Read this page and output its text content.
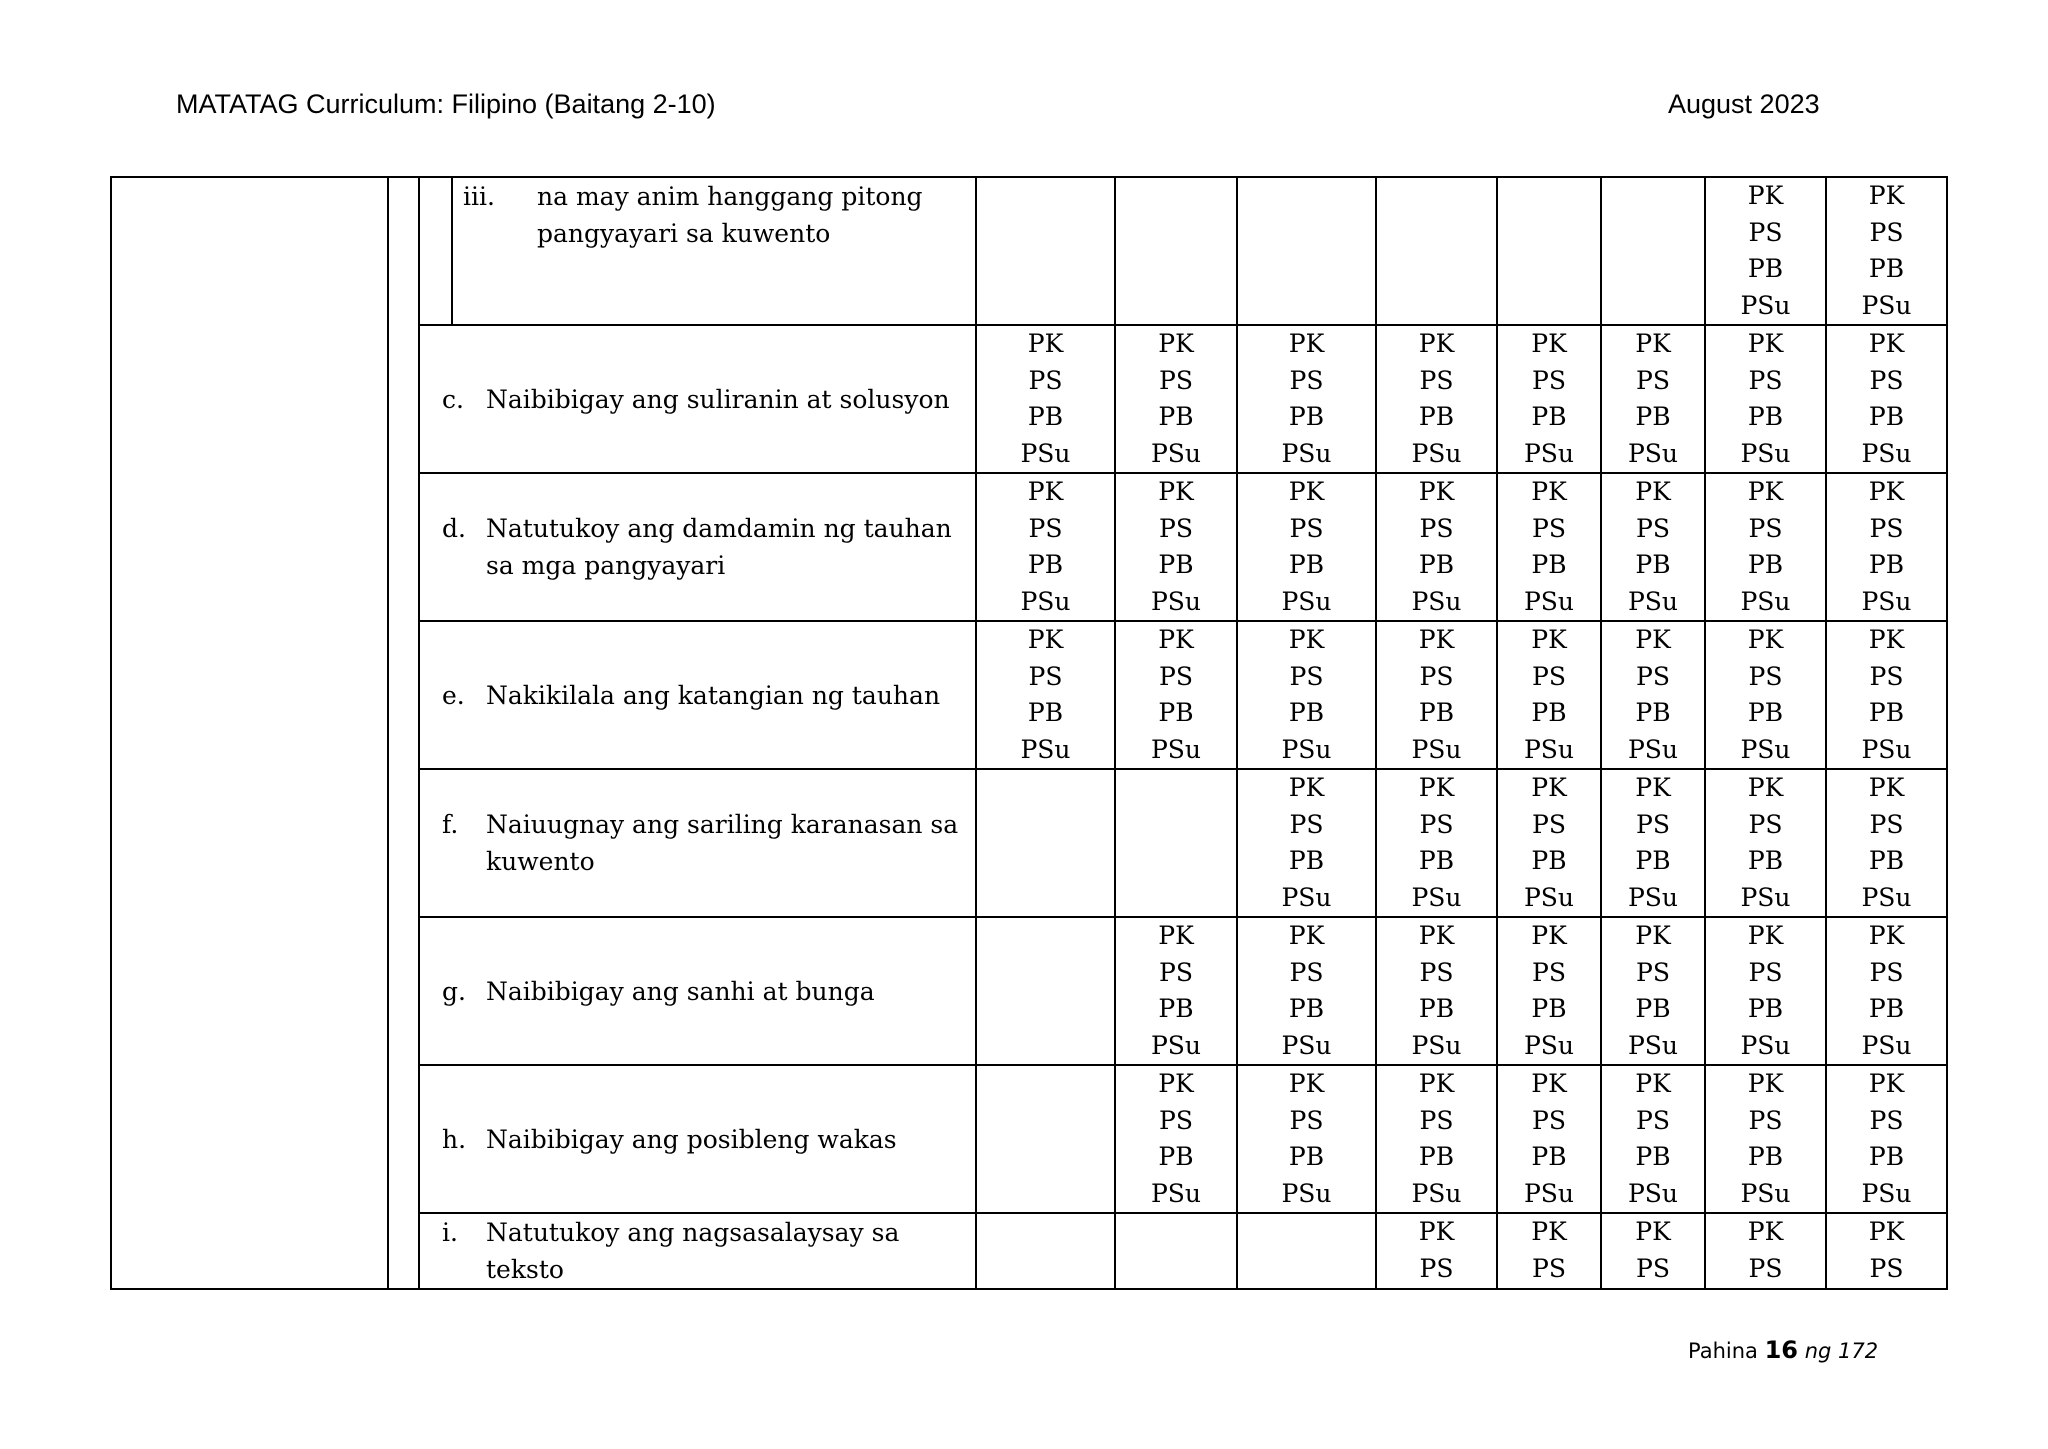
MATATAG Curriculum: Filipino (Baitang 2-10)	August 2023

		iii. na may anim hanggang pitong pangyayari sa kuwento							PK
PS
PB
PSu	PK
PS
PB
PSu

		c. Naibibigay ang suliranin at solusyon	PK
PS
PB
PSu	PK
PS
PB
PSu	PK
PS
PB
PSu	PK
PS
PB
PSu	PK
PS
PB
PSu	PK
PS
PB
PSu	PK
PS
PB
PSu	PK
PS
PB
PSu

		d. Natutukoy ang damdamin ng tauhan sa mga pangyayari	PK
PS
PB
PSu	PK
PS
PB
PSu	PK
PS
PB
PSu	PK
PS
PB
PSu	PK
PS
PB
PSu	PK
PS
PB
PSu	PK
PS
PB
PSu	PK
PS
PB
PSu

		e. Nakikilala ang katangian ng tauhan	PK
PS
PB
PSu	PK
PS
PB
PSu	PK
PS
PB
PSu	PK
PS
PB
PSu	PK
PS
PB
PSu	PK
PS
PB
PSu	PK
PS
PB
PSu	PK
PS
PB
PSu

		f. Naiuugnay ang sariling karanasan sa kuwento			PK
PS
PB
PSu	PK
PS
PB
PSu	PK
PS
PB
PSu	PK
PS
PB
PSu	PK
PS
PB
PSu	PK
PS
PB
PSu

		g. Naibibigay ang sanhi at bunga		PK
PS
PB
PSu	PK
PS
PB
PSu	PK
PS
PB
PSu	PK
PS
PB
PSu	PK
PS
PB
PSu	PK
PS
PB
PSu	PK
PS
PB
PSu

		h. Naibibigay ang posibleng wakas		PK
PS
PB
PSu	PK
PS
PB
PSu	PK
PS
PB
PSu	PK
PS
PB
PSu	PK
PS
PB
PSu	PK
PS
PB
PSu	PK
PS
PB
PSu

		i. Natutukoy ang nagsasalaysay sa teksto				PK
PS	PK
PS	PK
PS	PK
PS	PK
PS
Pahina 16 ng 172
